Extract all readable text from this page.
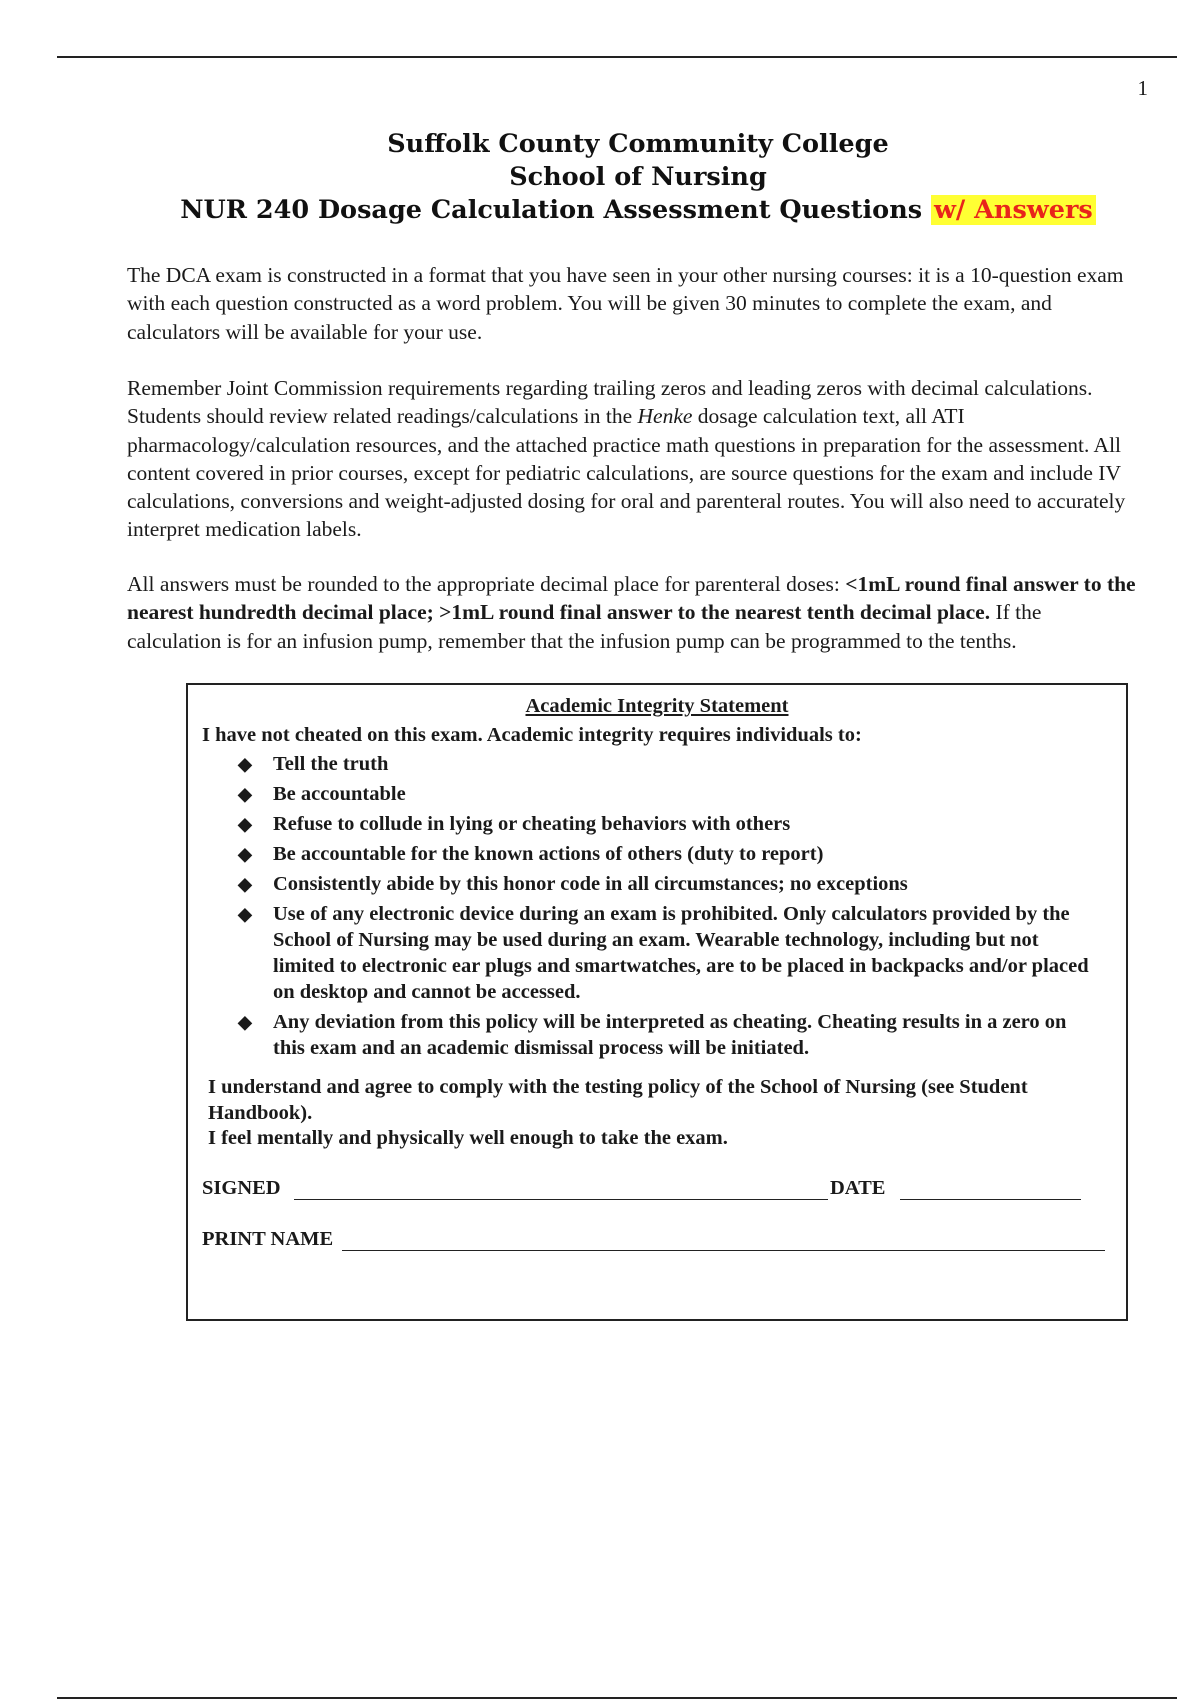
1
Suffolk County Community College
School of Nursing
NUR 240 Dosage Calculation Assessment Questions w/ Answers
The DCA exam is constructed in a format that you have seen in your other nursing courses: it is a 10-question exam with each question constructed as a word problem. You will be given 30 minutes to complete the exam, and calculators will be available for your use.
Remember Joint Commission requirements regarding trailing zeros and leading zeros with decimal calculations. Students should review related readings/calculations in the Henke dosage calculation text, all ATI pharmacology/calculation resources, and the attached practice math questions in preparation for the assessment. All content covered in prior courses, except for pediatric calculations, are source questions for the exam and include IV calculations, conversions and weight-adjusted dosing for oral and parenteral routes. You will also need to accurately interpret medication labels.
All answers must be rounded to the appropriate decimal place for parenteral doses: <1mL round final answer to the nearest hundredth decimal place; >1mL round final answer to the nearest tenth decimal place. If the calculation is for an infusion pump, remember that the infusion pump can be programmed to the tenths.
Academic Integrity Statement
I have not cheated on this exam. Academic integrity requires individuals to:
◆ Tell the truth
◆ Be accountable
◆ Refuse to collude in lying or cheating behaviors with others
◆ Be accountable for the known actions of others (duty to report)
◆ Consistently abide by this honor code in all circumstances; no exceptions
◆ Use of any electronic device during an exam is prohibited. Only calculators provided by the School of Nursing may be used during an exam. Wearable technology, including but not limited to electronic ear plugs and smartwatches, are to be placed in backpacks and/or placed on desktop and cannot be accessed.
◆ Any deviation from this policy will be interpreted as cheating. Cheating results in a zero on this exam and an academic dismissal process will be initiated.
I understand and agree to comply with the testing policy of the School of Nursing (see Student Handbook).
I feel mentally and physically well enough to take the exam.
SIGNED	DATE
PRINT NAME
